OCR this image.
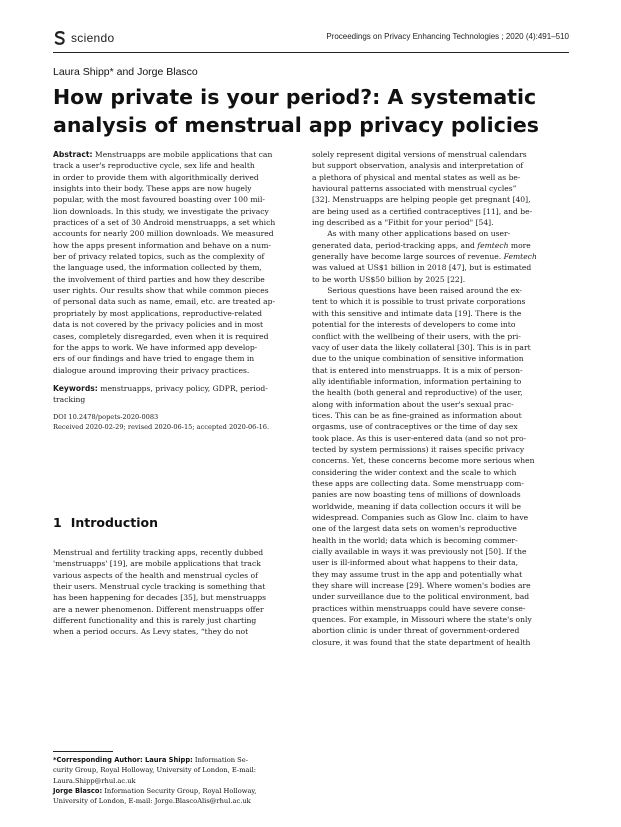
sciendo	Proceedings on Privacy Enhancing Technologies ; 2020 (4):491–510
Laura Shipp* and Jorge Blasco
How private is your period?: A systematic
analysis of menstrual app privacy policies
Abstract: Menstruapps are mobile applications that can
track a user's reproductive cycle, sex life and health
in order to provide them with algorithmically derived
insights into their body. These apps are now hugely
popular, with the most favoured boasting over 100 mil-
lion downloads. In this study, we investigate the privacy
practices of a set of 30 Android menstruapps, a set which
accounts for nearly 200 million downloads. We measured
how the apps present information and behave on a num-
ber of privacy related topics, such as the complexity of
the language used, the information collected by them,
the involvement of third parties and how they describe
user rights. Our results show that while common pieces
of personal data such as name, email, etc. are treated ap-
propriately by most applications, reproductive-related
data is not covered by the privacy policies and in most
cases, completely disregarded, even when it is required
for the apps to work. We have informed app develop-
ers of our findings and have tried to engage them in
dialogue around improving their privacy practices.
Keywords: menstruapps, privacy policy, GDPR, period-
tracking
DOI 10.2478/popets-2020-0083
Received 2020-02-29; revised 2020-06-15; accepted 2020-06-16.
1 Introduction
Menstrual and fertility tracking apps, recently dubbed
'menstruapps' [19], are mobile applications that track
various aspects of the health and menstrual cycles of
their users. Menstrual cycle tracking is something that
has been happening for decades [35], but menstruapps
are a newer phenomenon. Different menstruapps offer
different functionality and this is rarely just charting
when a period occurs. As Levy states, “they do not
*Corresponding Author: Laura Shipp: Information Se-
curity Group, Royal Holloway, University of London, E-mail:
Laura.Shipp@rhul.ac.uk
Jorge Blasco: Information Security Group, Royal Holloway,
University of London, E-mail: Jorge.BlascoAlis@rhul.ac.uk
solely represent digital versions of menstrual calendars
but support observation, analysis and interpretation of
a plethora of physical and mental states as well as be-
havioural patterns associated with menstrual cycles”
[32]. Menstruapps are helping people get pregnant [40],
are being used as a certified contraceptives [11], and be-
ing described as a "Fitbit for your period" [54].
  As with many other applications based on user-
generated data, period-tracking apps, and femtech more
generally have become large sources of revenue. Femtech
was valued at US$1 billion in 2018 [47], but is estimated
to be worth US$50 billion by 2025 [22].
  Serious questions have been raised around the ex-
tent to which it is possible to trust private corporations
with this sensitive and intimate data [19]. There is the
potential for the interests of developers to come into
conflict with the wellbeing of their users, with the pri-
vacy of user data the likely collateral [30]. This is in part
due to the unique combination of sensitive information
that is entered into menstruapps. It is a mix of person-
ally identifiable information, information pertaining to
the health (both general and reproductive) of the user,
along with information about the user's sexual prac-
tices. This can be as fine-grained as information about
orgasms, use of contraceptives or the time of day sex
took place. As this is user-entered data (and so not pro-
tected by system permissions) it raises specific privacy
concerns. Yet, these concerns become more serious when
considering the wider context and the scale to which
these apps are collecting data. Some menstruapp com-
panies are now boasting tens of millions of downloads
worldwide, meaning if data collection occurs it will be
widespread. Companies such as Glow Inc. claim to have
one of the largest data sets on women's reproductive
health in the world; data which is becoming commer-
cially available in ways it was previously not [50]. If the
user is ill-informed about what happens to their data,
they may assume trust in the app and potentially what
they share will increase [29]. Where women's bodies are
under surveillance due to the political environment, bad
practices within menstruapps could have severe conse-
quences. For example, in Missouri where the state's only
abortion clinic is under threat of government-ordered
closure, it was found that the state department of health
